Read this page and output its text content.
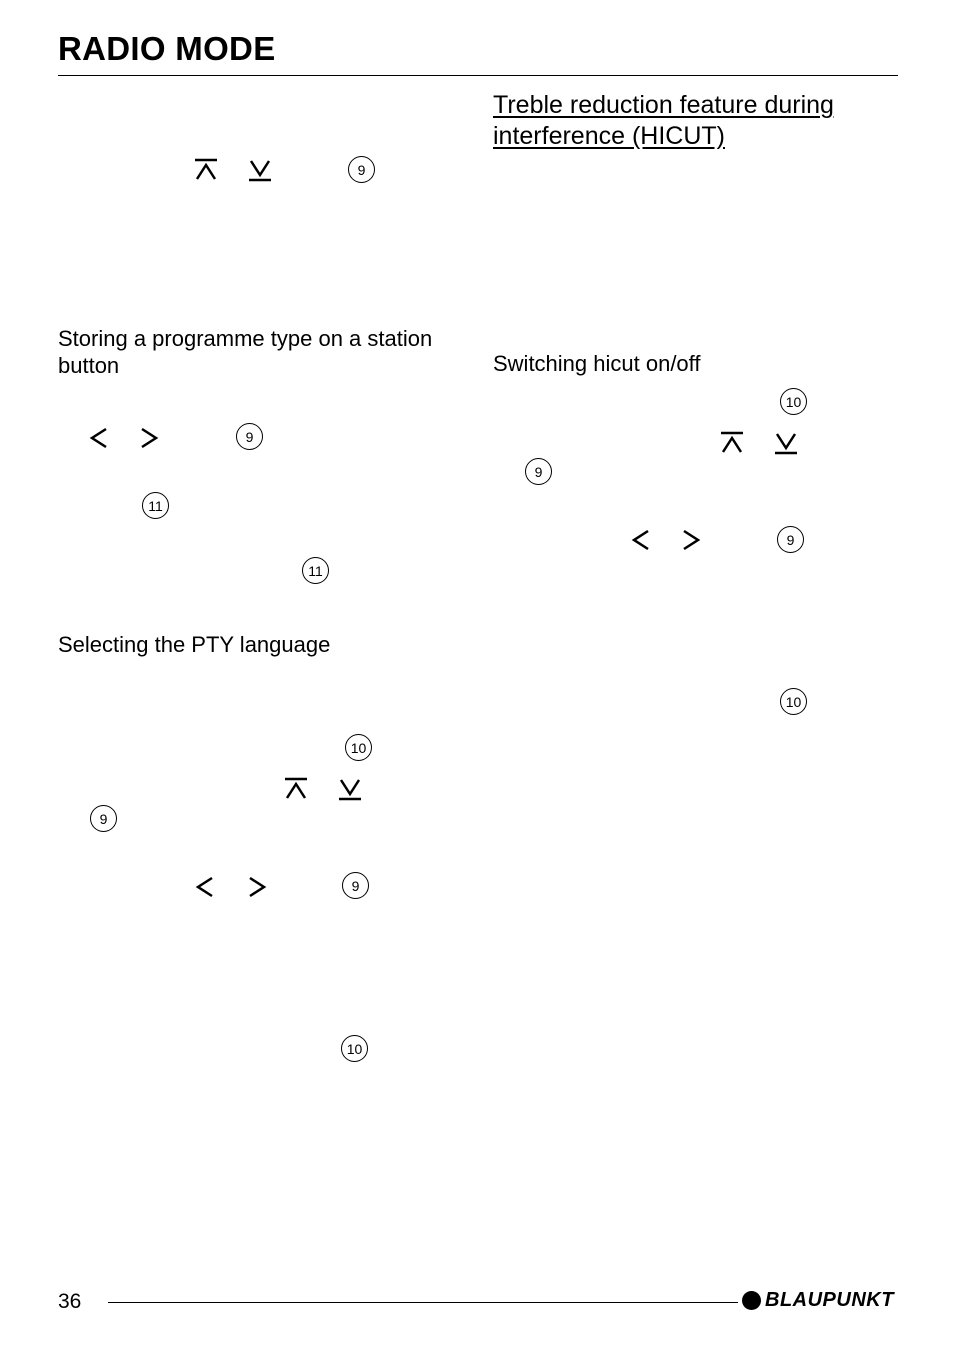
RADIO MODE
9
Storing a programme type on a station button
9
11
11
Selecting the PTY language
10
9
9
10
Treble reduction feature during interference (HICUT)
Switching hicut on/off
10
9
9
10
36	BLAUPUNKT
